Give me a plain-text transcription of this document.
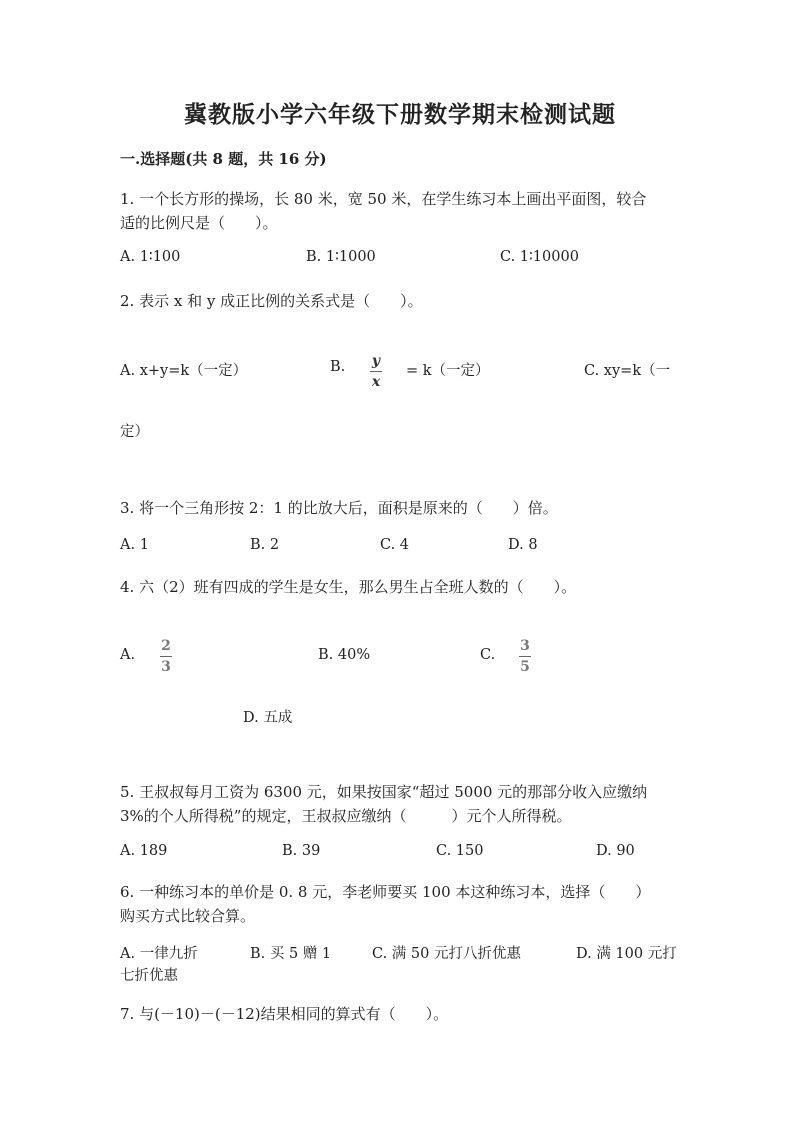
冀教版小学六年级下册数学期末检测试题
一.选择题(共 8 题，共 16 分)
1. 一个长方形的操场，长 80 米，宽 50 米，在学生练习本上画出平面图，较合
适的比例尺是（　　）。
A. 1∶100	B. 1∶1000	C. 1∶10000
2. 表示 x 和 y 成正比例的关系式是（　　）。
A. x+y=k（一定）	B. y
x
= k（一定）	C. xy=k（一
定）
3. 将一个三角形按 2：1 的比放大后，面积是原来的（　　）倍。
A. 1	B. 2	C. 4	D. 8
4. 六（2）班有四成的学生是女生，那么男生占全班人数的（　　）。
A.
2
3
B. 40%	C.
3
5
D. 五成
5. 王叔叔每月工资为 6300 元，如果按国家“超过 5000 元的那部分收入应缴纳
3%的个人所得税”的规定，王叔叔应缴纳（　　　）元个人所得税。
A. 189	B. 39	C. 150	D. 90
6. 一种练习本的单价是 0. 8 元，李老师要买 100 本这种练习本，选择（　　）
购买方式比较合算。
A. 一律九折	B. 买 5 赠 1	C. 满 50 元打八折优惠	D. 满 100 元打
七折优惠
7. 与(－10)－(－12)结果相同的算式有（　　）。
